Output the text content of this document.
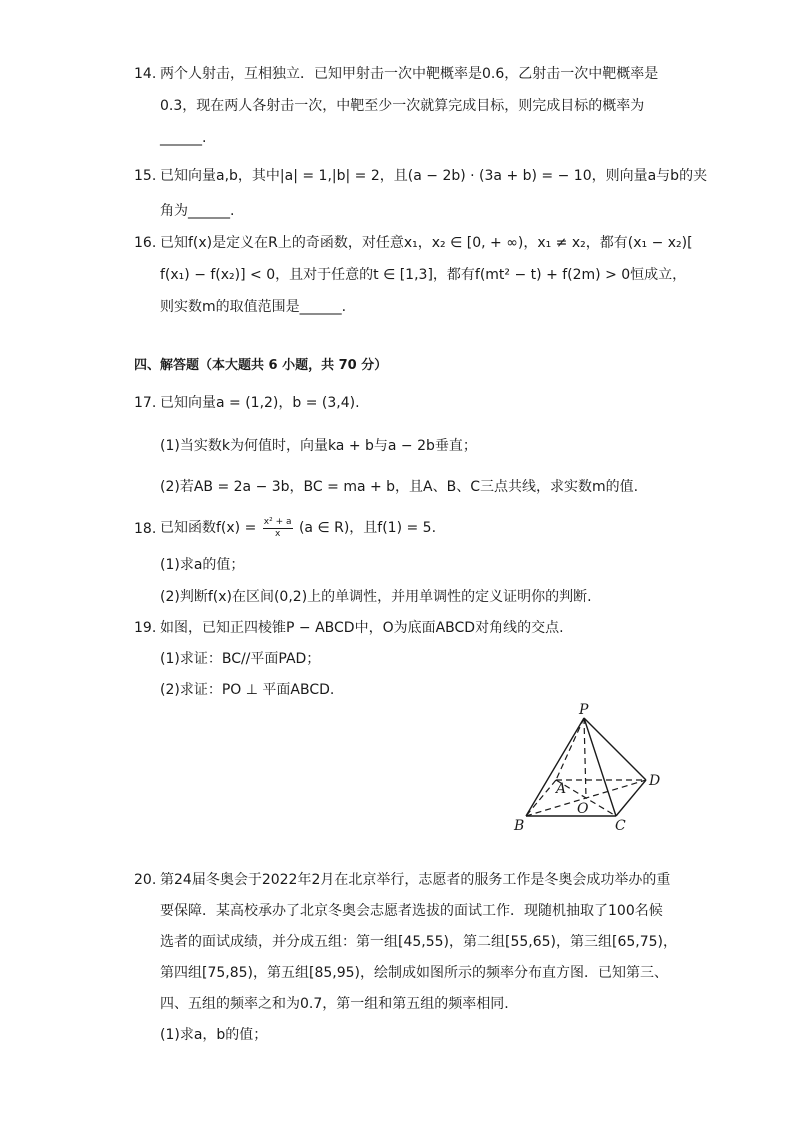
14. 两个人射击，互相独立．已知甲射击一次中靶概率是0.6，乙射击一次中靶概率是
0.3，现在两人各射击一次，中靶至少一次就算完成目标，则完成目标的概率为
______.
15. 已知向量a,b，其中|a| = 1,|b| = 2，且(a − 2b) · (3a + b) = − 10，则向量a与b的夹
角为______.
16. 已知f(x)是定义在R上的奇函数，对任意x₁，x₂ ∈ [0, + ∞)，x₁ ≠ x₂，都有(x₁ − x₂)[
f(x₁) − f(x₂)] < 0，且对于任意的t ∈ [1,3]，都有f(mt² − t) + f(2m) > 0恒成立，
则实数m的取值范围是______.
四、解答题（本大题共 6 小题，共 70 分）
17. 已知向量a = (1,2)，b = (3,4).
(1)当实数k为何值时，向量ka + b与a − 2b垂直；
(2)若AB = 2a − 3b，BC = ma + b，且A、B、C三点共线，求实数m的值.
18. 已知函数$f(x) = \frac{\text{x² + a}}{x} (a$ ∈ R)，且f(1) = 5.
(1)求a的值；
(2)判断f(x)在区间(0,2)上的单调性，并用单调性的定义证明你的判断.
19. 如图，已知正四棱锥P − ABCD中，O为底面ABCD对角线的交点.
(1)求证：BC//平面PAD；
(2)求证：PO ⊥ 平面ABCD.
P
A
B	C
D
O
20. 第24届冬奥会于2022年2月在北京举行，志愿者的服务工作是冬奥会成功举办的重
要保障．某高校承办了北京冬奥会志愿者选拔的面试工作．现随机抽取了100名候
选者的面试成绩，并分成五组：第一组[45,55)，第二组[55,65)，第三组[65,75)，
第四组[75,85)，第五组[85,95)，绘制成如图所示的频率分布直方图．已知第三、
四、五组的频率之和为0.7，第一组和第五组的频率相同.
(1)求a，b的值；
